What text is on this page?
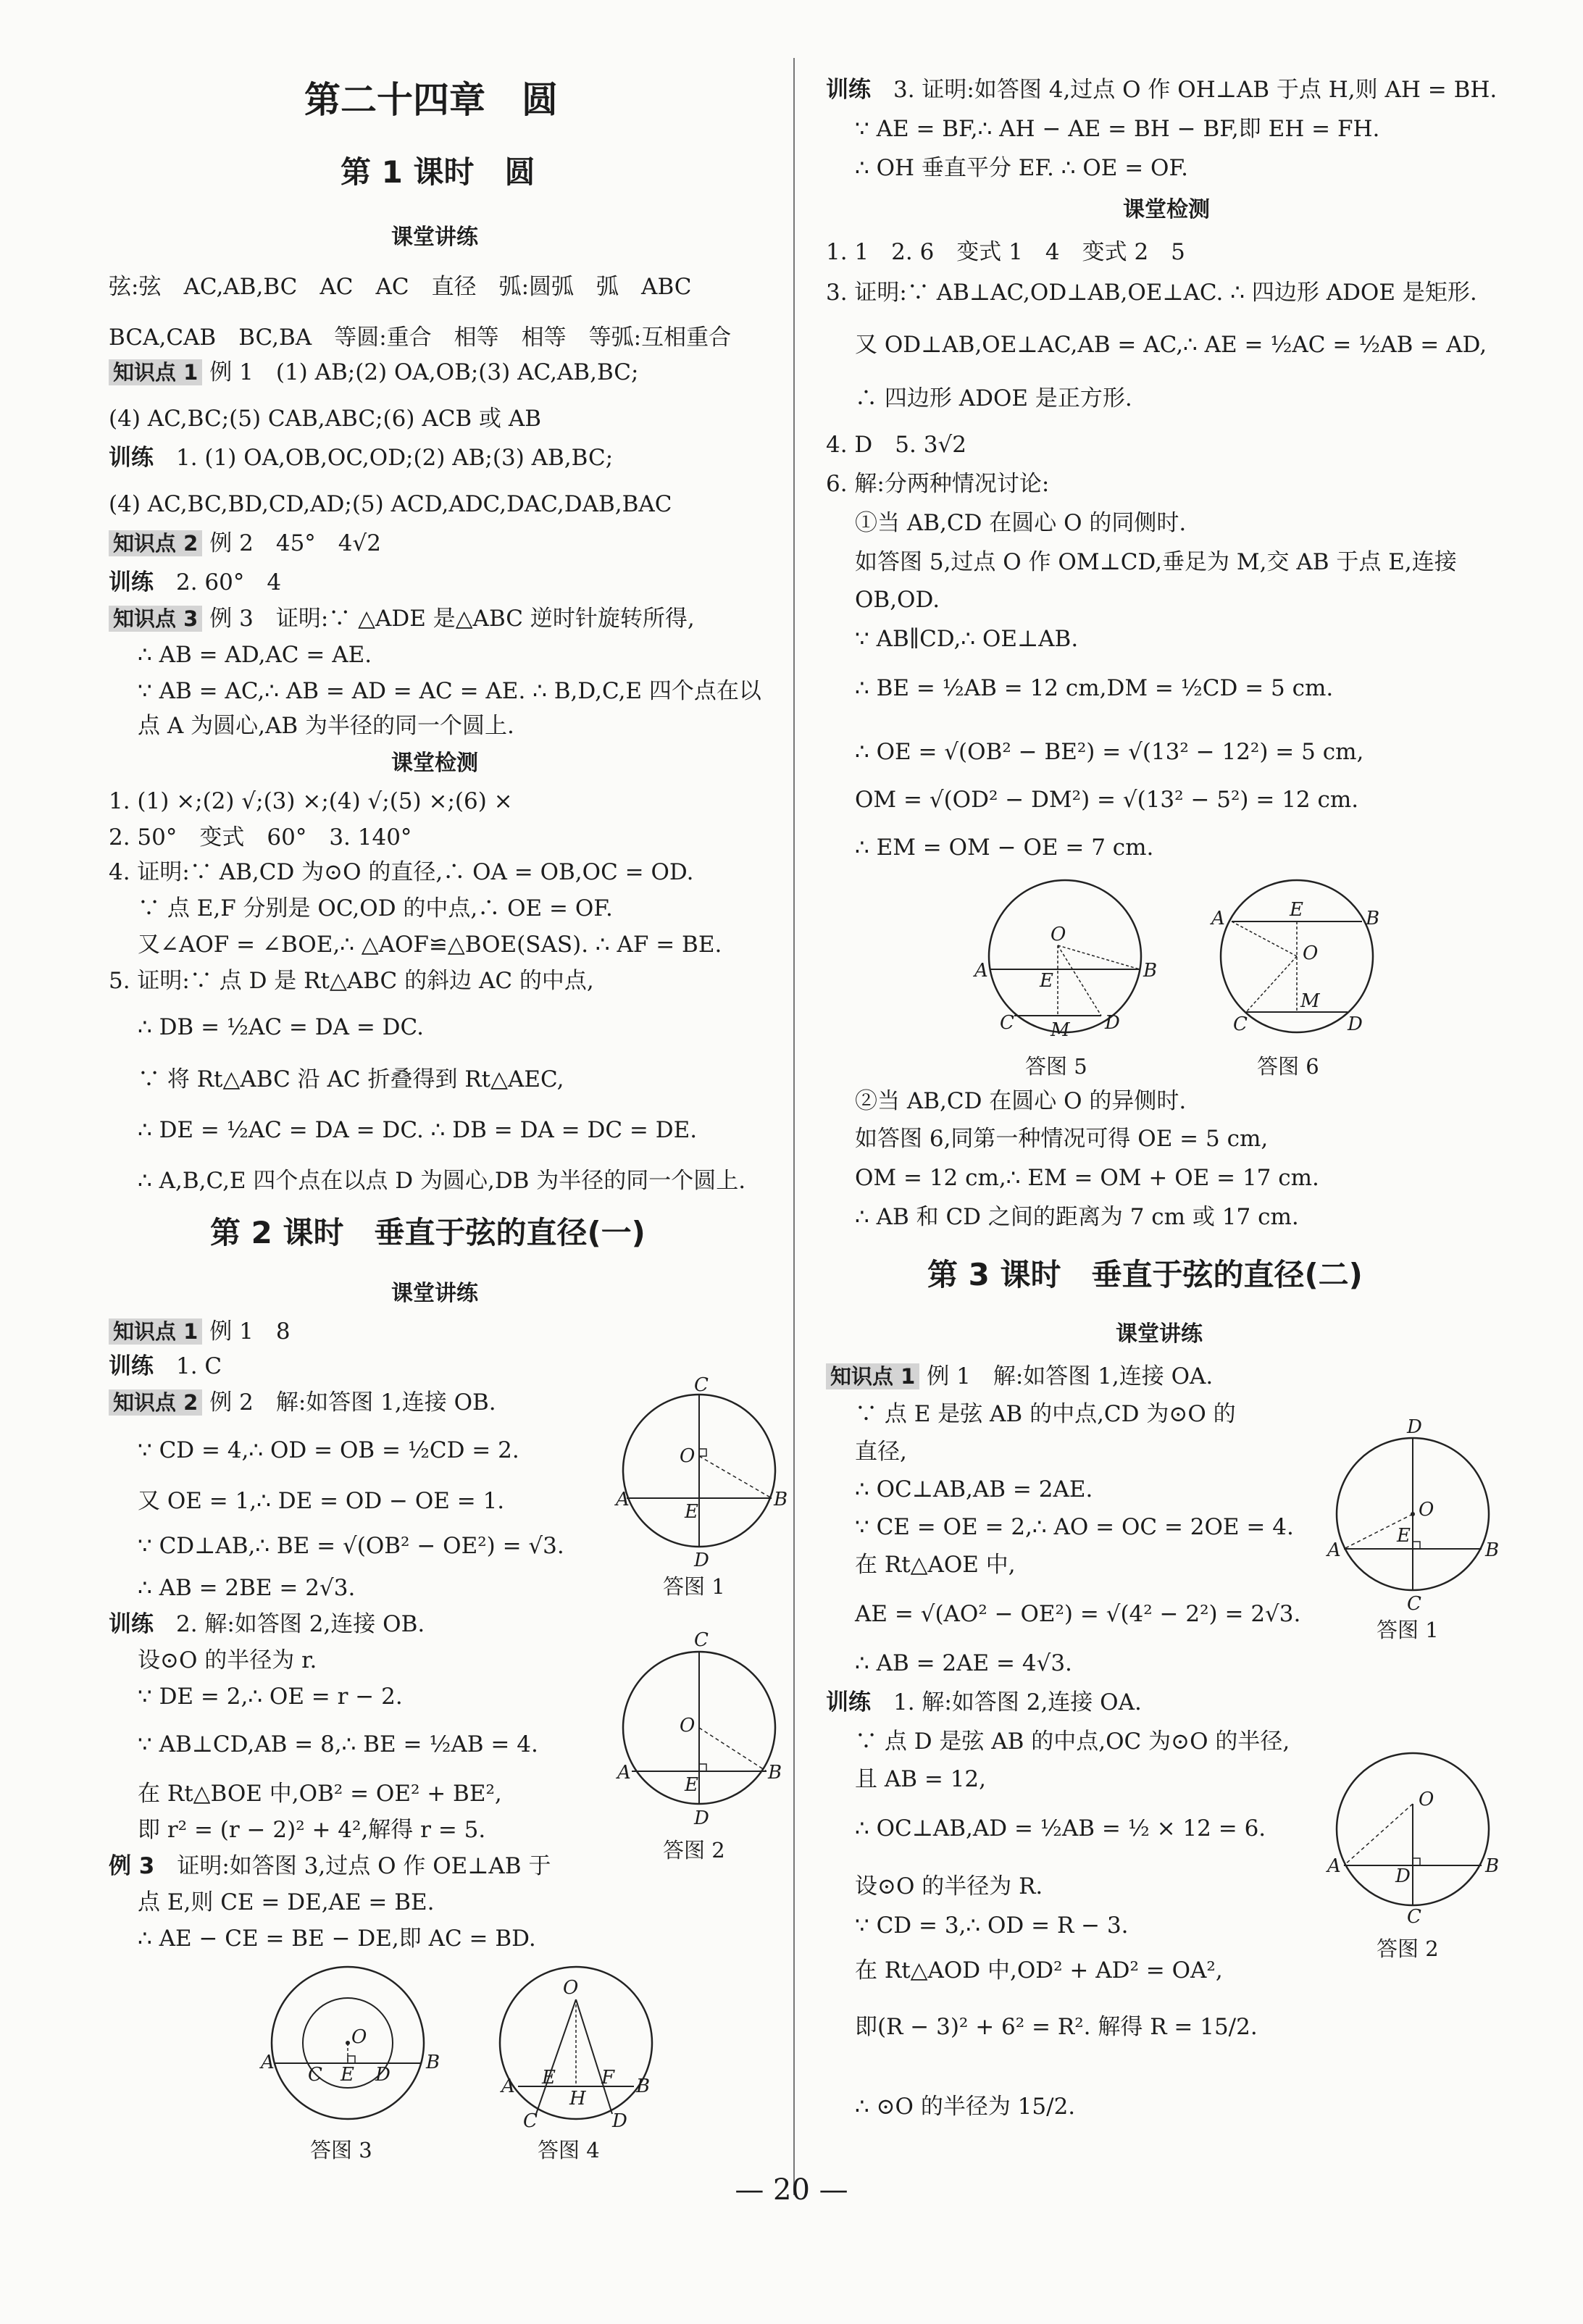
第二十四章　圆
第 1 课时　圆
课堂讲练
弦:弦　AC,AB,BC　AC　AC　直径　弧:圆弧　弧　ABC
BCA,CAB　BC,BA　等圆:重合　相等　相等　等弧:互相重合
知识点 1 例 1　(1) AB;(2) OA,OB;(3) AC,AB,BC;
(4) AC,BC;(5) CAB,ABC;(6) ACB 或 AB
训练　 1. (1) OA,OB,OC,OD;(2) AB;(3) AB,BC;
(4) AC,BC,BD,CD,AD;(5) ACD,ADC,DAC,DAB,BAC
知识点 2 例 2　45°　4√2
训练　 2. 60°　4
知识点 3 例 3　证明:∵ △ADE 是△ABC 逆时针旋转所得,
∴ AB = AD,AC = AE.
∵ AB = AC,∴ AB = AD = AC = AE. ∴ B,D,C,E 四个点在以
点 A 为圆心,AB 为半径的同一个圆上.
课堂检测
1. (1) ×;(2) √;(3) ×;(4) √;(5) ×;(6) ×
2. 50°　变式　60°　3. 140°
4. 证明:∵ AB,CD 为⊙O 的直径,∴ OA = OB,OC = OD.
∵ 点 E,F 分别是 OC,OD 的中点,∴ OE = OF.
又∠AOF = ∠BOE,∴ △AOF≌△BOE(SAS). ∴ AF = BE.
5. 证明:∵ 点 D 是 Rt△ABC 的斜边 AC 的中点,
∴ DB = ½AC = DA = DC.
∵ 将 Rt△ABC 沿 AC 折叠得到 Rt△AEC,
∴ DE = ½AC = DA = DC. ∴ DB = DA = DC = DE.
∴ A,B,C,E 四个点在以点 D 为圆心,DB 为半径的同一个圆上.
第 2 课时　垂直于弦的直径(一)
课堂讲练
知识点 1 例 1　8
训练　 1. C
知识点 2 例 2　解:如答图 1,连接 OB.
∵ CD = 4,∴ OD = OB = ½CD = 2.
又 OE = 1,∴ DE = OD − OE = 1.
∵ CD⊥AB,∴ BE = √(OB² − OE²) = √3.
∴ AB = 2BE = 2√3.
训练　 2. 解:如答图 2,连接 OB.
设⊙O 的半径为 r.
∵ DE = 2,∴ OE = r − 2.
∵ AB⊥CD,AB = 8,∴ BE = ½AB = 4.
在 Rt△BOE 中,OB² = OE² + BE²,
即 r² = (r − 2)² + 4²,解得 r = 5.
例 3　 证明:如答图 3,过点 O 作 OE⊥AB 于
点 E,则 CE = DE,AE = BE.
∴ AE − CE = BE − DE,即 AC = BD.
C
O
A	B
E
D
答图 1
C
O
A	B
E
D
答图 2
O
A	B
C E D
答图 3
O
A	B
E F
H
C	D
答图 4
训练　 3. 证明:如答图 4,过点 O 作 OH⊥AB 于点 H,则 AH = BH.
∵ AE = BF,∴ AH − AE = BH − BF,即 EH = FH.
∴ OH 垂直平分 EF. ∴ OE = OF.
课堂检测
1. 1　2. 6　变式 1　4　变式 2　5
3. 证明:∵ AB⊥AC,OD⊥AB,OE⊥AC. ∴ 四边形 ADOE 是矩形.
又 OD⊥AB,OE⊥AC,AB = AC,∴ AE = ½AC = ½AB = AD,
∴ 四边形 ADOE 是正方形.
4. D　5. 3√2
6. 解:分两种情况讨论:
①当 AB,CD 在圆心 O 的同侧时.
如答图 5,过点 O 作 OM⊥CD,垂足为 M,交 AB 于点 E,连接
OB,OD.
∵ AB∥CD,∴ OE⊥AB.
∴ BE = ½AB = 12 cm,DM = ½CD = 5 cm.
∴ OE = √(OB² − BE²) = √(13² − 12²) = 5 cm,
OM = √(OD² − DM²) = √(13² − 5²) = 12 cm.
∴ EM = OM − OE = 7 cm.
O
A	B
E
C	D
M
答图 5
E
O
A	B
C	D
M
答图 6
②当 AB,CD 在圆心 O 的异侧时.
如答图 6,同第一种情况可得 OE = 5 cm,
OM = 12 cm,∴ EM = OM + OE = 17 cm.
∴ AB 和 CD 之间的距离为 7 cm 或 17 cm.
第 3 课时　垂直于弦的直径(二)
课堂讲练
知识点 1 例 1　解:如答图 1,连接 OA.
∵ 点 E 是弦 AB 的中点,CD 为⊙O 的
直径,
∴ OC⊥AB,AB = 2AE.
∵ CE = OE = 2,∴ AO = OC = 2OE = 4.
在 Rt△AOE 中,
AE = √(AO² − OE²) = √(4² − 2²) = 2√3.
∴ AB = 2AE = 4√3.
训练　 1. 解:如答图 2,连接 OA.
∵ 点 D 是弦 AB 的中点,OC 为⊙O 的半径,
且 AB = 12,
∴ OC⊥AB,AD = ½AB = ½ × 12 = 6.
设⊙O 的半径为 R.
∵ CD = 3,∴ OD = R − 3.
在 Rt△AOD 中,OD² + AD² = OA²,
即(R − 3)² + 6² = R². 解得 R = 15/2.
∴ ⊙O 的半径为 15/2.
D
O
E
A	B
C
答图 1
O
A	B
D
C
答图 2
— 20 —
